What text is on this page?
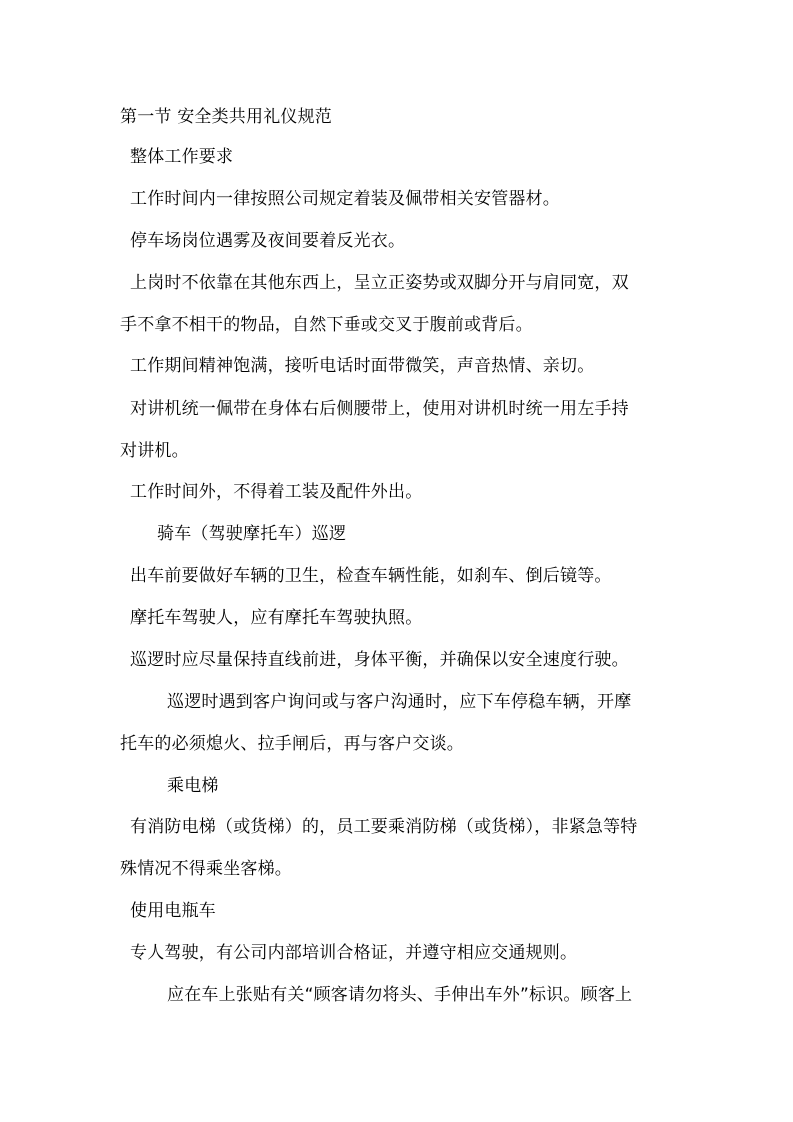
第一节 安全类共用礼仪规范
整体工作要求
工作时间内一律按照公司规定着装及佩带相关安管器材。
停车场岗位遇雾及夜间要着反光衣。
上岗时不依靠在其他东西上，呈立正姿势或双脚分开与肩同宽，双
手不拿不相干的物品，自然下垂或交叉于腹前或背后。
工作期间精神饱满，接听电话时面带微笑，声音热情、亲切。
对讲机统一佩带在身体右后侧腰带上，使用对讲机时统一用左手持
对讲机。
工作时间外，不得着工装及配件外出。
骑车（驾驶摩托车）巡逻
出车前要做好车辆的卫生，检查车辆性能，如刹车、倒后镜等。
摩托车驾驶人，应有摩托车驾驶执照。
巡逻时应尽量保持直线前进，身体平衡，并确保以安全速度行驶。
巡逻时遇到客户询问或与客户沟通时，应下车停稳车辆，开摩
托车的必须熄火、拉手闸后，再与客户交谈。
乘电梯
有消防电梯（或货梯）的，员工要乘消防梯（或货梯），非紧急等特
殊情况不得乘坐客梯。
使用电瓶车
专人驾驶，有公司内部培训合格证，并遵守相应交通规则。
应在车上张贴有关“顾客请勿将头、手伸出车外”标识。顾客上
